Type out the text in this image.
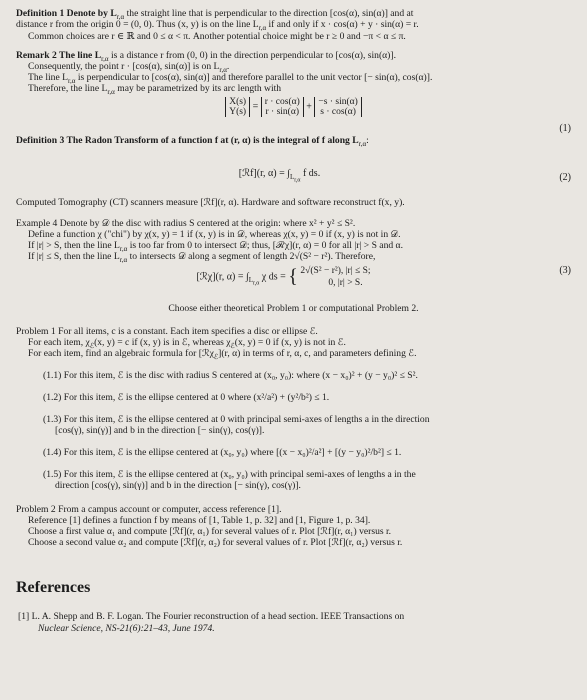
Definition 1 Denote by $L_{r,\alpha}$ the straight line that is perpendicular to the direction [cos(α), sin(α)] and at
distance r from the origin 0 = (0, 0). Thus (x, y) is on the line $L_{r,\alpha}$ if and only if x · cos(α) + y · sin(α) = r.
Common choices are r ∈ ℝ and 0 ≤ α < π. Another potential choice might be r ≥ 0 and −π < α ≤ π.
Remark 2 The line $L_{r,\alpha}$ is a distance r from (0, 0) in the direction perpendicular to [cos(α), sin(α)].
Consequently, the point r · [cos(α), sin(α)] is on $L_{r,\alpha}$.
The line $L_{r,\alpha}$ is perpendicular to [cos(α), sin(α)] and therefore parallel to the unit vector [− sin(α), cos(α)].
Therefore, the line $L_{r,\alpha}$ may be parametrized by its arc length with
X(s)
Y(s) = r · cos(α)
r · sin(α) + −s · sin(α)
s · cos(α)
(1)
Definition 3 The Radon Transform of a function f at (r, α) is the integral of f along $L_{r,\alpha}$:
[ℛf](r, $\alpha) = \int_{L_{r,\alpha}}$ f ds.	(2)
Computed Tomography (CT) scanners measure [ℛf](r, α). Hardware and software reconstruct f(x, y).
Example 4 Denote by 𝒟 the disc with radius S centered at the origin: where x² + y² ≤ S².
Define a function χ ("chi") by χ(x, y) = 1 if (x, y) is in 𝒟, whereas χ(x, y) = 0 if (x, y) is not in 𝒟.
If |r| > S, then the line $L_{r,\alpha}$ is too far from 0 to intersect 𝒟; thus, [ℛχ](r, α) = 0 for all |r| > S and α.
If |r| ≤ S, then the line $L_{r,\alpha}$ to intersects 𝒟 along a segment of length 2√(S² − r²). Therefore,
[ℛχ](r, $\alpha) = \int_{L_{r,\alpha}}$ χ ds = { 2√(S² − r²), |r| ≤ S;
0, |r| > S.
(3)
Choose either theoretical Problem 1 or computational Problem 2.
Problem 1 For all items, c is a constant. Each item specifies a disc or ellipse ℰ.
For each item, $\chi_ℰ(x$, y) = c if (x, y) is in ℰ, whereas $\chi_ℰ(x$, y) = 0 if (x, y) is not in ℰ.
For each item, find an algebraic formula for [ℛχ$_ℰ$](r, α) in terms of r, α, c, and parameters defining ℰ.
(1.1) For this item, ℰ is the disc with radius S centered at (x₀, y₀): where (x − x₀)² + (y − y₀)² ≤ S².
(1.2) For this item, ℰ is the ellipse centered at 0 where (x²/a²) + (y²/b²) ≤ 1.
(1.3) For this item, ℰ is the ellipse centered at 0 with principal semi-axes of lengths a in the direction
[cos(γ), sin(γ)] and b in the direction [− sin(γ), cos(γ)].
(1.4) For this item, ℰ is the ellipse centered at (x₀, y₀) where [(x − x₀)²/a²] + [(y − y₀)²/b²] ≤ 1.
(1.5) For this item, ℰ is the ellipse centered at (x₀, y₀) with principal semi-axes of lengths a in the
direction [cos(γ), sin(γ)] and b in the direction [− sin(γ), cos(γ)].
Problem 2 From a campus account or computer, access reference [1].
Reference [1] defines a function f by means of [1, Table 1, p. 32] and [1, Figure 1, p. 34].
Choose a first value α₁ and compute [ℛf](r, α₁) for several values of r. Plot [ℛf](r, α₁) versus r.
Choose a second value α₂ and compute [ℛf](r, α₂) for several values of r. Plot [ℛf](r, α₂) versus r.
References
[1] L. A. Shepp and B. F. Logan. The Fourier reconstruction of a head section. IEEE Transactions on
Nuclear Science, NS-21(6):21–43, June 1974.
